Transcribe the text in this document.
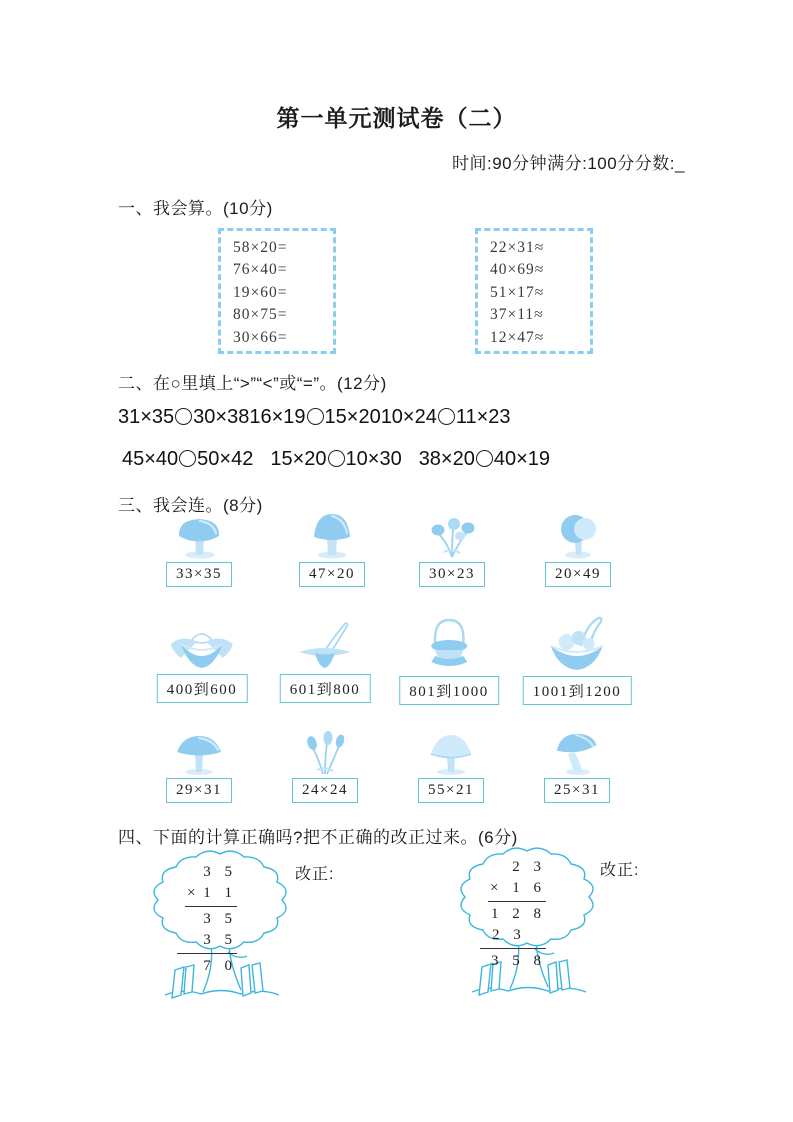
第一单元测试卷（二）
时间:90分钟满分:100分分数:_
一、我会算。(10分)
58×20=
76×40=
19×60=
80×75=
30×66=
22×31≈
40×69≈
51×17≈
37×11≈
12×47≈
二、在○里填上“>”“<”或“=”。(12分)
31×35 30×3816×19 15×2010×24 11×23
45×40 50×42 15×20 10×30 38×20 40×19
三、我会连。(8分)
33×35	47×20	30×23	20×49
400到600	601到800	801到1000	1001到1200
29×31	24×24	55×21	25×31
四、下面的计算正确吗?把不正确的改正过来。(6分)
3 5
× 1 1
3 5
3 5
7 0
改正:	2 3
× 1 6
1 2 8
2 3
3 5 8
改正:
